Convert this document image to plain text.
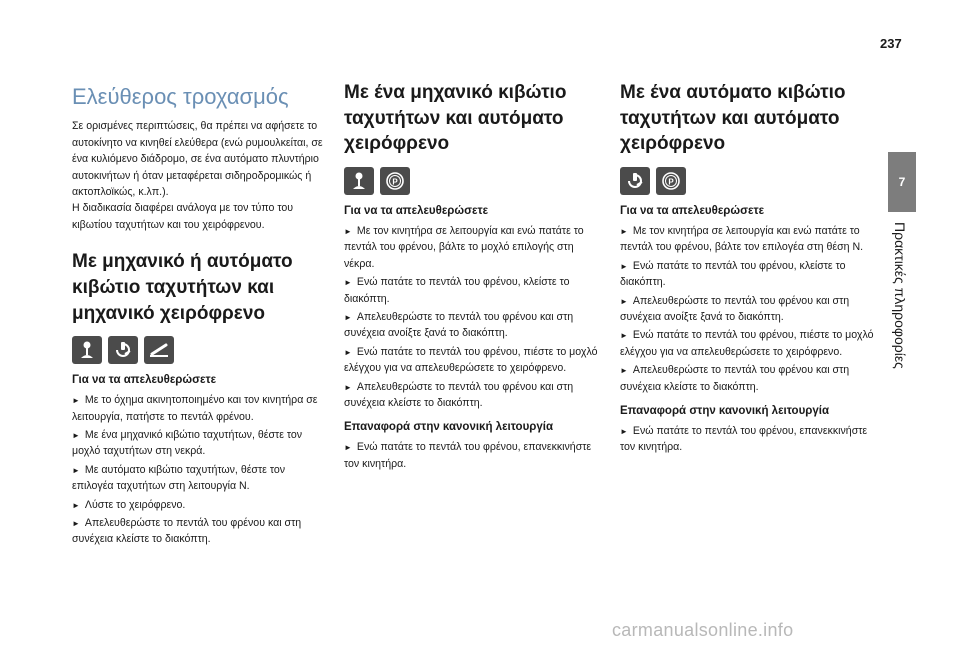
237
7
Πρακτικές πληροφορίες
Ελεύθερος τροχασμός

Σε ορισμένες περιπτώσεις, θα πρέπει να αφήσετε το αυτοκίνητο να κινηθεί ελεύθερα (ενώ ρυμουλκείται, σε ένα κυλιόμενο διάδρομο, σε ένα αυτόματο πλυντήριο αυτοκινήτων ή όταν μεταφέρεται σιδηροδρομικώς ή ακτοπλοϊκώς, κ.λπ.).

Η διαδικασία διαφέρει ανάλογα με τον τύπο του κιβωτίου ταχυτήτων και του χειρόφρενου.

Με μηχανικό ή αυτόματο κιβώτιο ταχυτήτων και μηχανικό χειρόφρενο
Για να τα απελευθερώσετε
► Με το όχημα ακινητοποιημένο και τον κινητήρα σε λειτουργία, πατήστε το πεντάλ φρένου.
► Με ένα μηχανικό κιβώτιο ταχυτήτων, θέστε τον μοχλό ταχυτήτων στη νεκρά.
► Με αυτόματο κιβώτιο ταχυτήτων, θέστε τον επιλογέα ταχυτήτων στη λειτουργία N.
► Λύστε το χειρόφρενο.
► Απελευθερώστε το πεντάλ του φρένου και στη συνέχεια κλείστε το διακόπτη.
Με ένα μηχανικό κιβώτιο ταχυτήτων και αυτόματο χειρόφρενο
P
Για να τα απελευθερώσετε
► Με τον κινητήρα σε λειτουργία και ενώ πατάτε το πεντάλ του φρένου, βάλτε το μοχλό επιλογής στη νέκρα.
► Ενώ πατάτε το πεντάλ του φρένου, κλείστε το διακόπτη.
► Απελευθερώστε το πεντάλ του φρένου και στη συνέχεια ανοίξτε ξανά το διακόπτη.
► Ενώ πατάτε το πεντάλ του φρένου, πιέστε το μοχλό ελέγχου για να απελευθερώσετε το χειρόφρενο.
► Απελευθερώστε το πεντάλ του φρένου και στη συνέχεια κλείστε το διακόπτη.
Επαναφορά στην κανονική λειτουργία
► Ενώ πατάτε το πεντάλ του φρένου, επανεκκινήστε τον κινητήρα.
Με ένα αυτόματο κιβώτιο ταχυτήτων και αυτόματο χειρόφρενο
P
Για να τα απελευθερώσετε
► Με τον κινητήρα σε λειτουργία και ενώ πατάτε το πεντάλ του φρένου, βάλτε τον επιλογέα στη θέση N.
► Ενώ πατάτε το πεντάλ του φρένου, κλείστε το διακόπτη.
► Απελευθερώστε το πεντάλ του φρένου και στη συνέχεια ανοίξτε ξανά το διακόπτη.
► Ενώ πατάτε το πεντάλ του φρένου, πιέστε το μοχλό ελέγχου για να απελευθερώσετε το χειρόφρενο.
► Απελευθερώστε το πεντάλ του φρένου και στη συνέχεια κλείστε το διακόπτη.
Επαναφορά στην κανονική λειτουργία
► Ενώ πατάτε το πεντάλ του φρένου, επανεκκινήστε τον κινητήρα.
carmanualsonline.info
